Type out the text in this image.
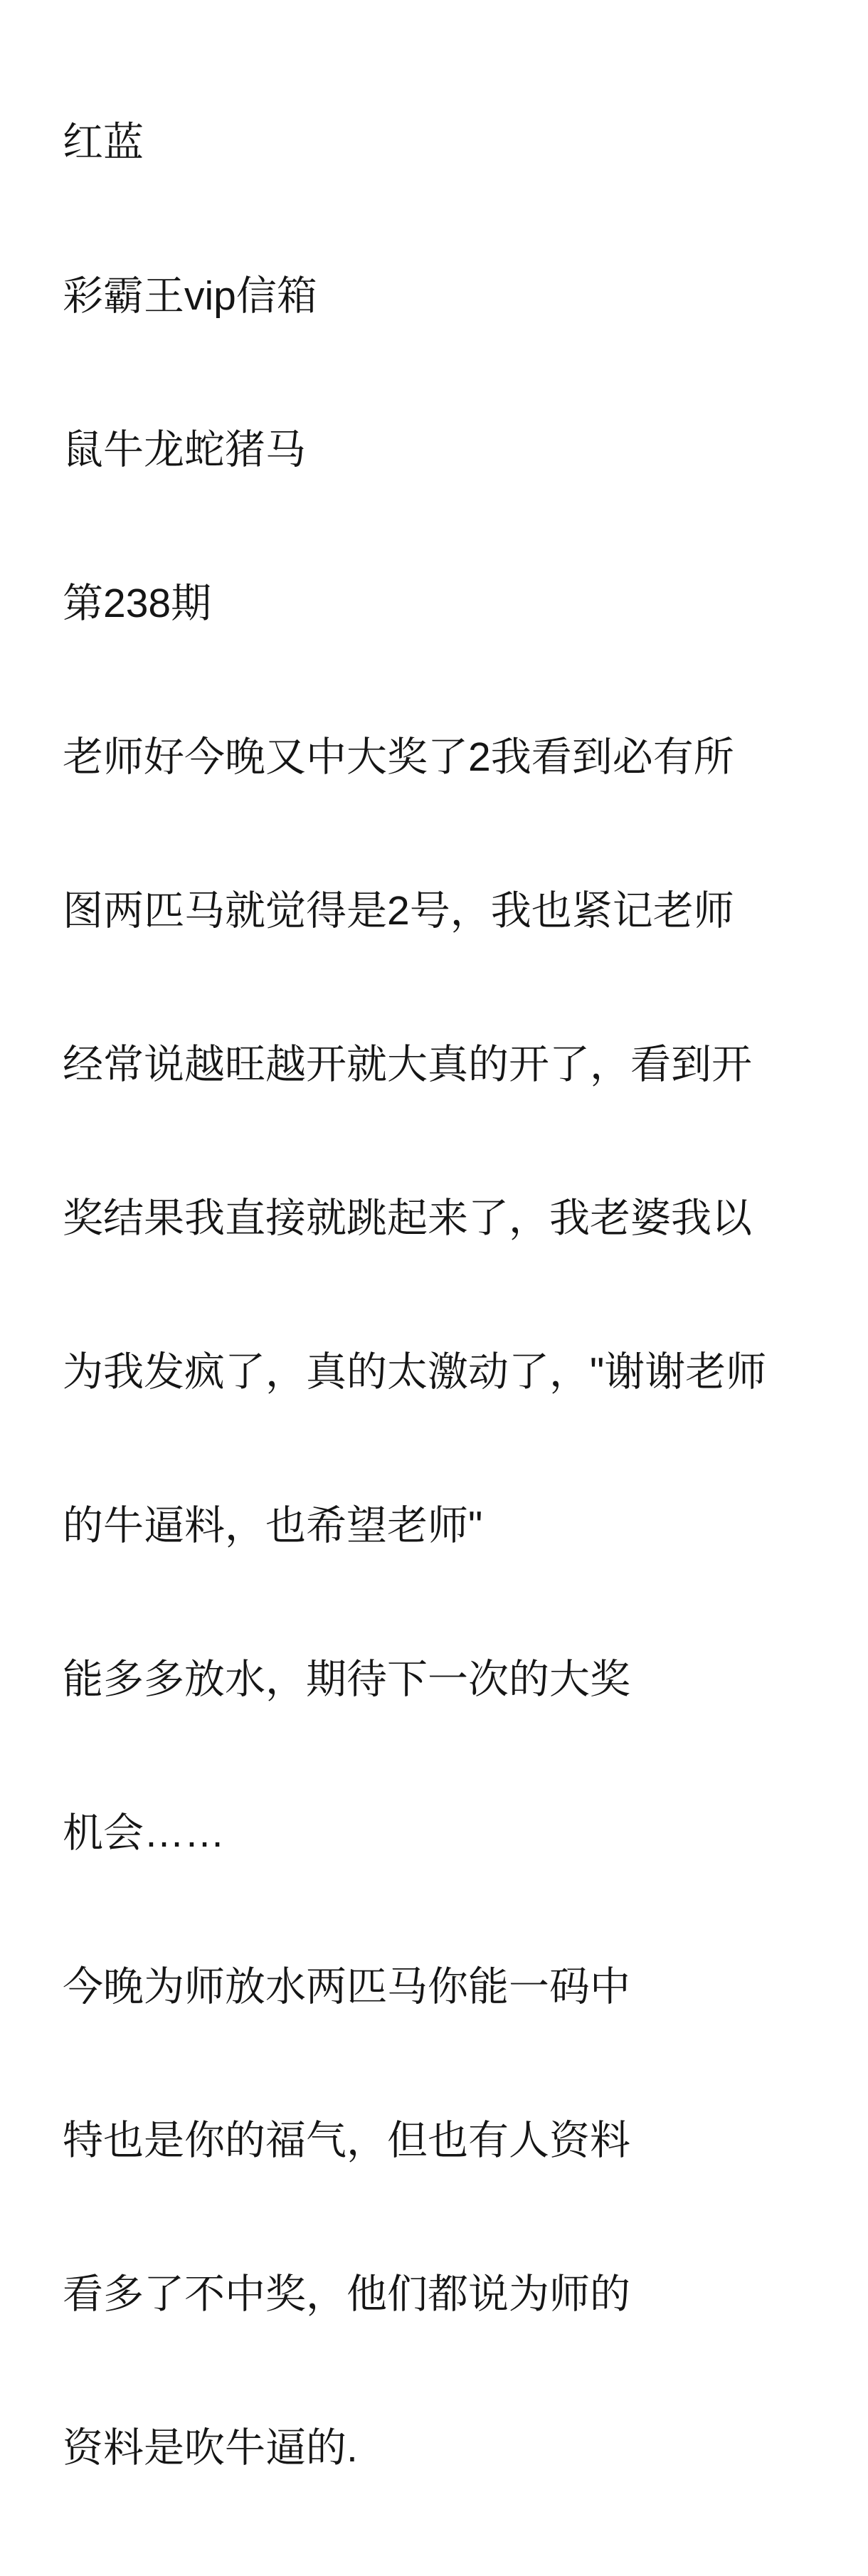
红蓝

彩霸王vip信箱

鼠牛龙蛇猪马

第238期

老师好今晚又中大奖了2我看到必有所

图两匹马就觉得是2号，我也紧记老师

经常说越旺越开就大真的开了，看到开

奖结果我直接就跳起来了，我老婆我以

为我发疯了，真的太激动了，"谢谢老师

的牛逼料，也希望老师"

能多多放水，期待下一次的大奖

机会……

今晚为师放水两匹马你能一码中

特也是你的福气，但也有人资料

看多了不中奖，他们都说为师的

资料是吹牛逼的.
